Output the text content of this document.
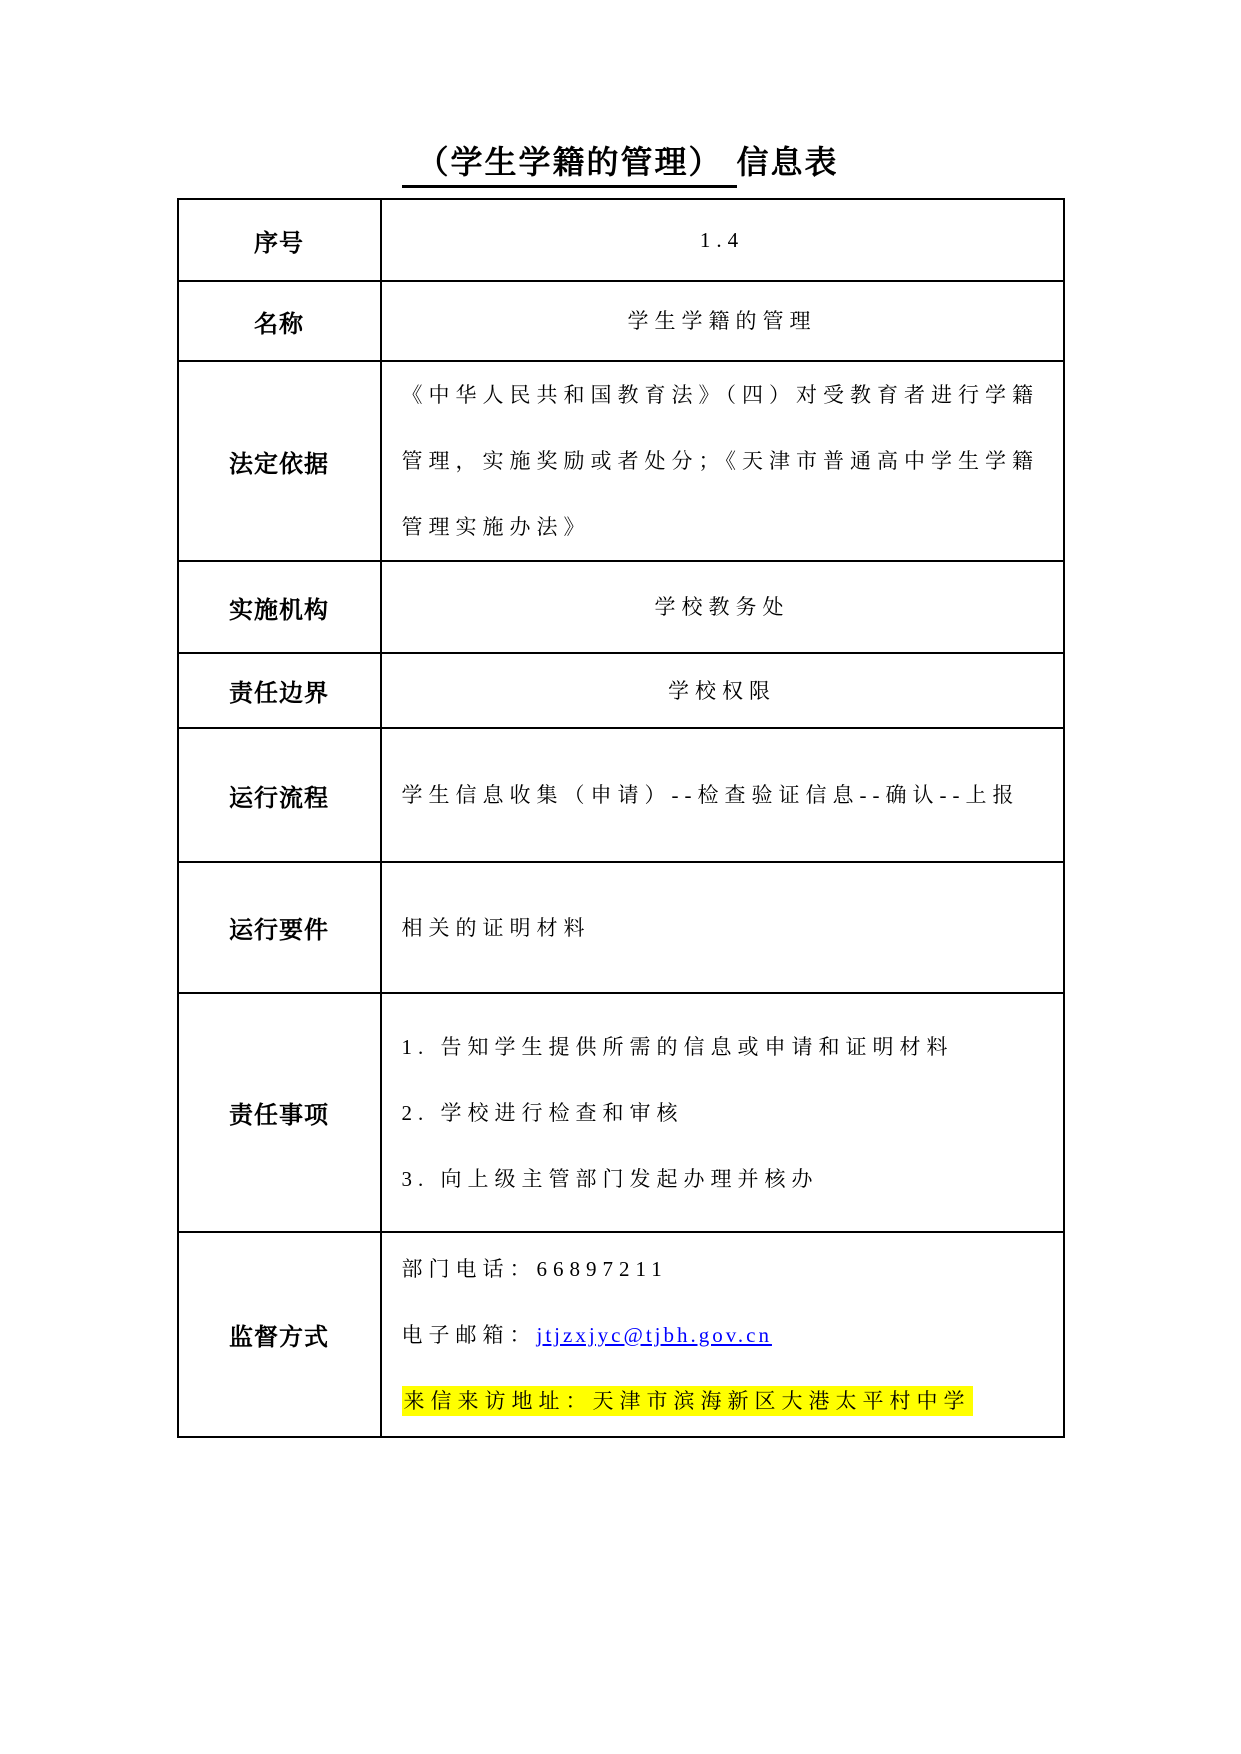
（学生学籍的管理） 信息表
序号	1.4
名称	学生学籍的管理
法定依据	《中华人民共和国教育法》（四）对受教育者进行学籍管理，实施奖励或者处分；《天津市普通高中学生学籍管理实施办法》
实施机构	学校教务处
责任边界	学校权限
运行流程	学生信息收集（申请）--检查验证信息--确认--上报
运行要件	相关的证明材料
责任事项	1. 告知学生提供所需的信息或申请和证明材料
2. 学校进行检查和审核
3. 向上级主管部门发起办理并核办

监督方式	部门电话：66897211
电子邮箱：jtjzxjyc@tjbh.gov.cn
来信来访地址：天津市滨海新区大港太平村中学
